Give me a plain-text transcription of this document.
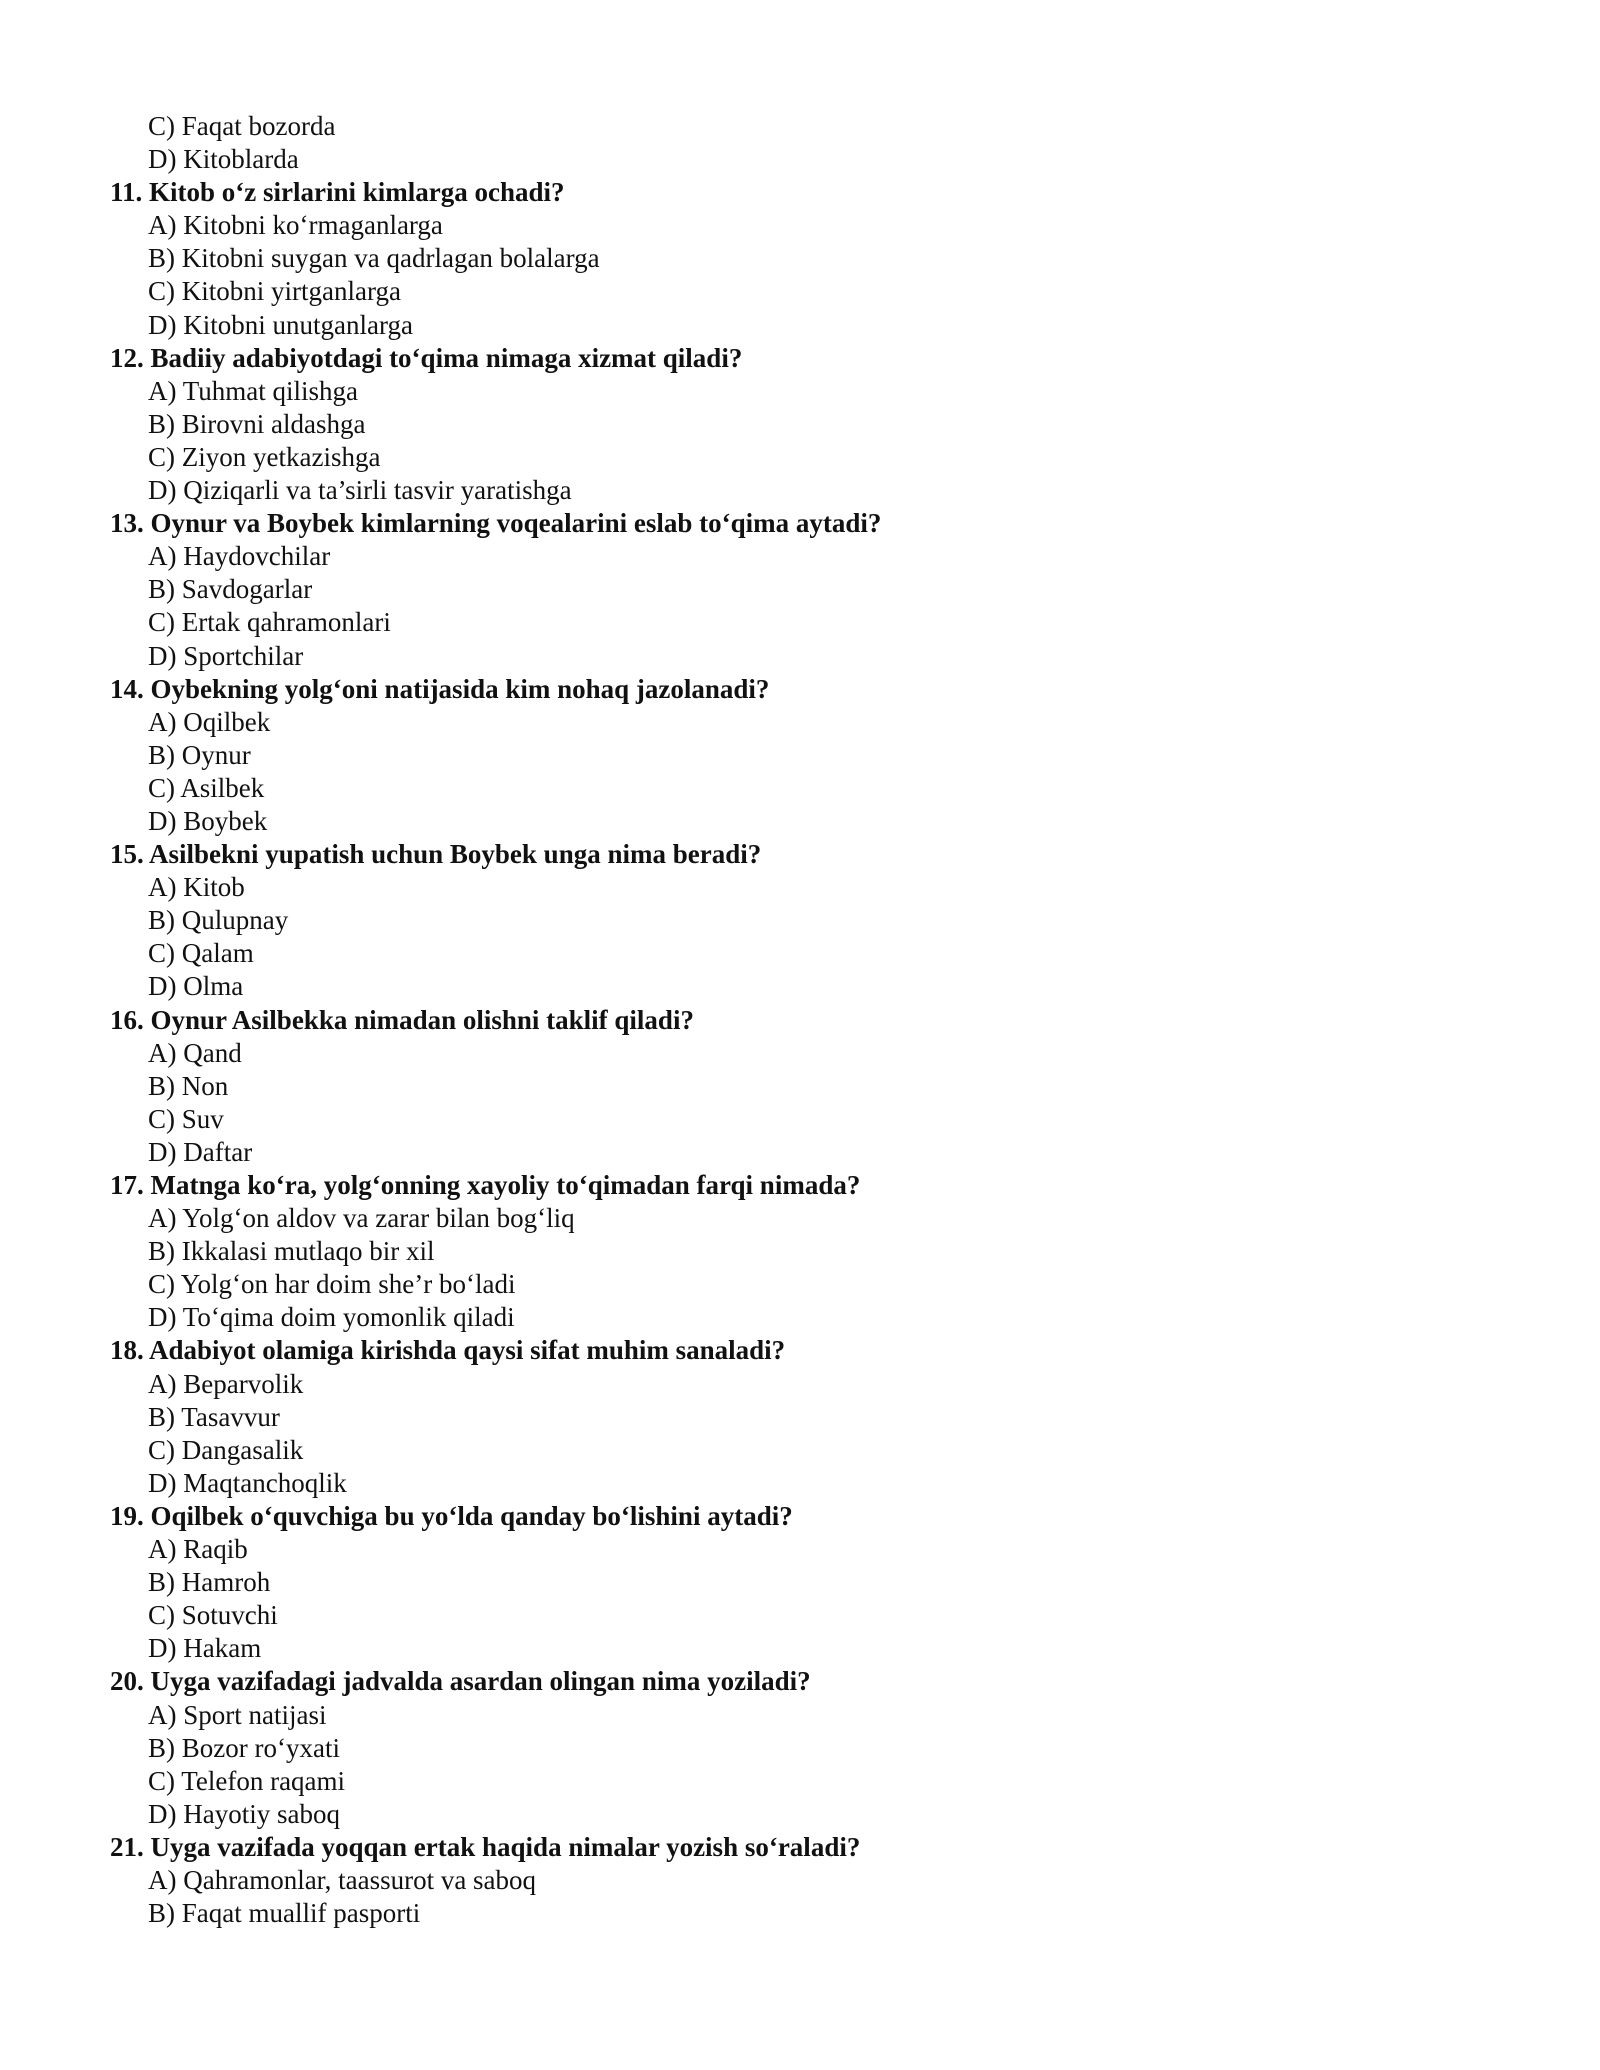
C) Faqat bozorda
D) Kitoblarda
11. Kitob o‘z sirlarini kimlarga ochadi?
A) Kitobni ko‘rmaganlarga
B) Kitobni suygan va qadrlagan bolalarga
C) Kitobni yirtganlarga
D) Kitobni unutganlarga
12. Badiiy adabiyotdagi to‘qima nimaga xizmat qiladi?
A) Tuhmat qilishga
B) Birovni aldashga
C) Ziyon yetkazishga
D) Qiziqarli va ta’sirli tasvir yaratishga
13. Oynur va Boybek kimlarning voqealarini eslab to‘qima aytadi?
A) Haydovchilar
B) Savdogarlar
C) Ertak qahramonlari
D) Sportchilar
14. Oybekning yolg‘oni natijasida kim nohaq jazolanadi?
A) Oqilbek
B) Oynur
C) Asilbek
D) Boybek
15. Asilbekni yupatish uchun Boybek unga nima beradi?
A) Kitob
B) Qulupnay
C) Qalam
D) Olma
16. Oynur Asilbekka nimadan olishni taklif qiladi?
A) Qand
B) Non
C) Suv
D) Daftar
17. Matnga ko‘ra, yolg‘onning xayoliy to‘qimadan farqi nimada?
A) Yolg‘on aldov va zarar bilan bog‘liq
B) Ikkalasi mutlaqo bir xil
C) Yolg‘on har doim she’r bo‘ladi
D) To‘qima doim yomonlik qiladi
18. Adabiyot olamiga kirishda qaysi sifat muhim sanaladi?
A) Beparvolik
B) Tasavvur
C) Dangasalik
D) Maqtanchoqlik
19. Oqilbek o‘quvchiga bu yo‘lda qanday bo‘lishini aytadi?
A) Raqib
B) Hamroh
C) Sotuvchi
D) Hakam
20. Uyga vazifadagi jadvalda asardan olingan nima yoziladi?
A) Sport natijasi
B) Bozor ro‘yxati
C) Telefon raqami
D) Hayotiy saboq
21. Uyga vazifada yoqqan ertak haqida nimalar yozish so‘raladi?
A) Qahramonlar, taassurot va saboq
B) Faqat muallif pasporti
